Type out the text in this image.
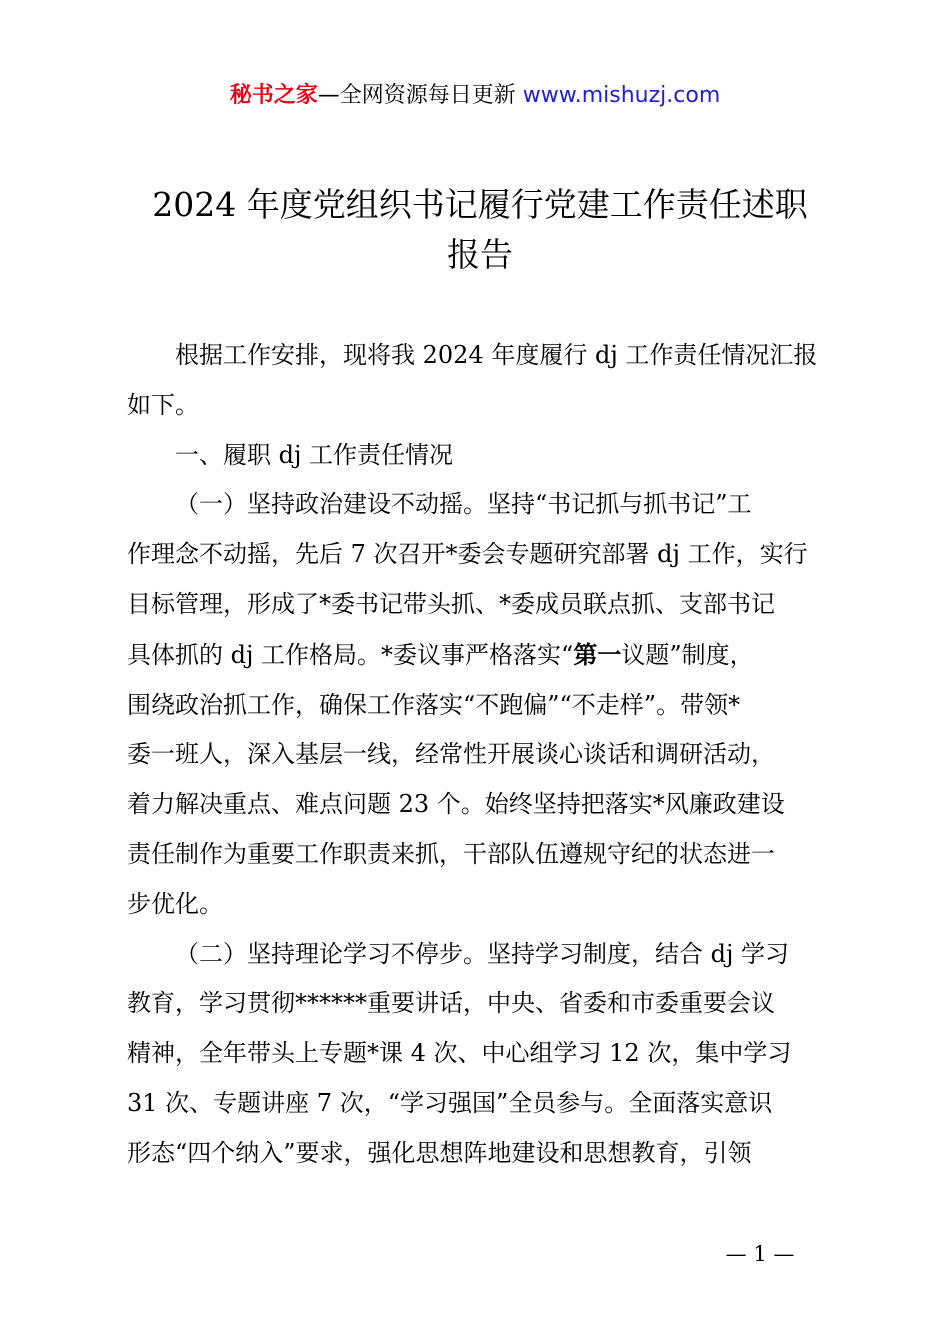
秘书之家—全网资源每日更新 www.mishuzj.com
2024 年度党组织书记履行党建工作责任述职
报告

根据工作安排，现将我 2024 年度履行 dj 工作责任情况汇报
如下。

一、履职 dj 工作责任情况

（一）坚持政治建设不动摇。坚持“书记抓与抓书记”工
作理念不动摇，先后 7 次召开*委会专题研究部署 dj 工作，实行
目标管理，形成了*委书记带头抓、*委成员联点抓、支部书记
具体抓的 dj 工作格局。*委议事严格落实“第一议题”制度，
围绕政治抓工作，确保工作落实“不跑偏”“不走样”。带领*
委一班人，深入基层一线，经常性开展谈心谈话和调研活动，
着力解决重点、难点问题 23 个。始终坚持把落实*风廉政建设
责任制作为重要工作职责来抓，干部队伍遵规守纪的状态进一
步优化。

（二）坚持理论学习不停步。坚持学习制度，结合 dj 学习
教育，学习贯彻******重要讲话，中央、省委和市委重要会议
精神，全年带头上专题*课 4 次、中心组学习 12 次，集中学习
31 次、专题讲座 7 次，“学习强国”全员参与。全面落实意识
形态“四个纳入”要求，强化思想阵地建设和思想教育，引领

— 1 —
